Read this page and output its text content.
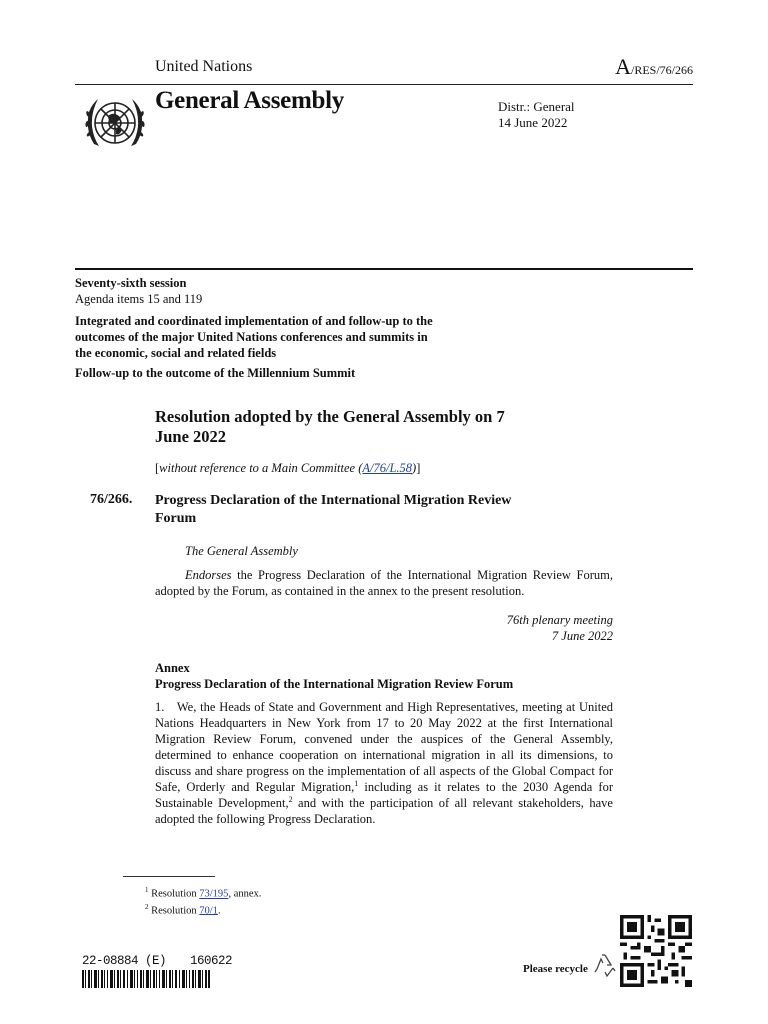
United Nations	A/RES/76/266
General Assembly	Distr.: General
14 June 2022
Seventy-sixth session
Agenda items 15 and 119
Integrated and coordinated implementation of and follow-up to the outcomes of the major United Nations conferences and summits in the economic, social and related fields
Follow-up to the outcome of the Millennium Summit
Resolution adopted by the General Assembly on 7 June 2022
[without reference to a Main Committee (A/76/L.58)]
76/266. Progress Declaration of the International Migration Review Forum
The General Assembly
Endorses the Progress Declaration of the International Migration Review Forum, adopted by the Forum, as contained in the annex to the present resolution.
76th plenary meeting
7 June 2022
Annex
Progress Declaration of the International Migration Review Forum
1. We, the Heads of State and Government and High Representatives, meeting at United Nations Headquarters in New York from 17 to 20 May 2022 at the first International Migration Review Forum, convened under the auspices of the General Assembly, determined to enhance cooperation on international migration in all its dimensions, to discuss and share progress on the implementation of all aspects of the Global Compact for Safe, Orderly and Regular Migration,$^1$ including as it relates to the 2030 Agenda for Sustainable Development,$^2$ and with the participation of all relevant stakeholders, have adopted the following Progress Declaration.
$^1$ Resolution 73/195, annex.
$^2$ Resolution 70/1.
22-08884 (E)  160622
Please recycle
